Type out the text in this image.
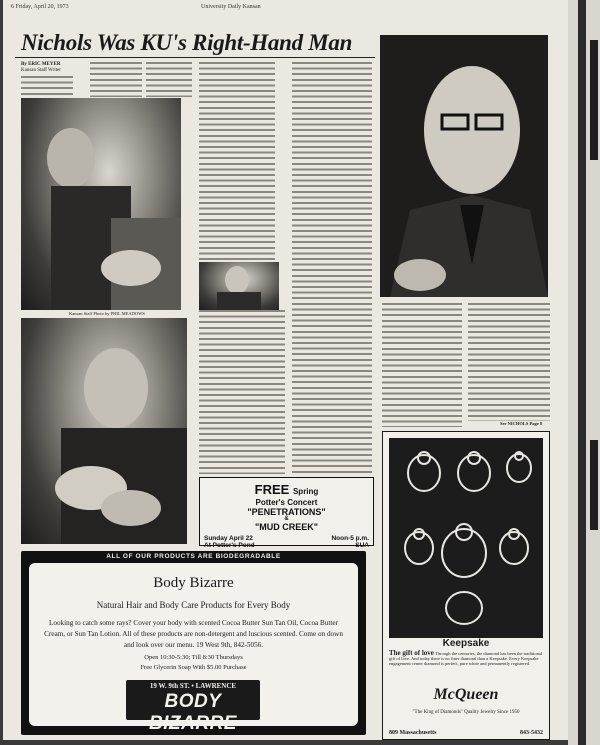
6 Friday, April 20, 1973	University Daily Kansan
Nichols Was KU's Right-Hand Man
By ERIC MEYER
Kansan Staff Writer
See NICHOLS Page 8
Kansan Staff Photo by PHIL MEADOWS
FREE Spring
Potter's Concert
"PENETRATIONS"
&
"MUD CREEK"
Sunday April 22	Noon-5 p.m.
At Potter's Pond	SUA
ALL OF OUR PRODUCTS ARE BIODEGRADABLE
Body Bizarre
Natural Hair and Body Care Products for Every Body
Looking to catch some rays? Cover your body with scented Cocoa Butter Sun Tan Oil, Cocoa Butter Cream, or Sun Tan Lotion. All of these products are non-detergent and luscious scented. Come on down and look over our menu. 19 West 9th, 842-5056.
Open 10:30-5:30; Till 8:30 Thursdays
Free Glycerin Soap With $5.00 Purchase
19 W. 9th ST. • LAWRENCE
BODY BIZARRE
Keepsake
The gift of love Through the centuries, the diamond has been the traditional gift of love. And today there is no finer diamond than a Keepsake. Every Keepsake engagement center diamond is perfect, pure white and permanently registered.
McQueen
"The King of Diamonds" Quality Jewelry Since 1950
809 Massachusetts	843-5432
